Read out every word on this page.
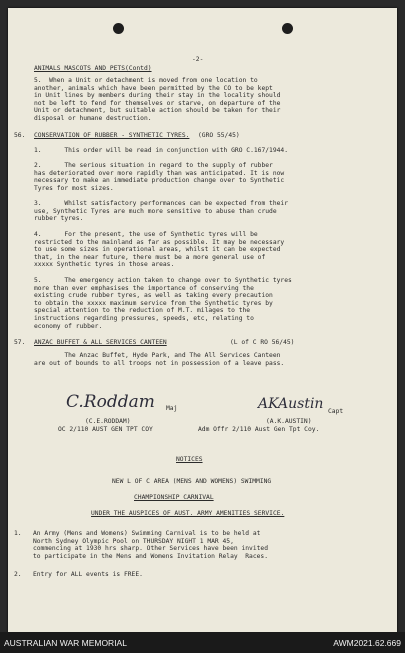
-2-
ANIMALS MASCOTS AND PETS(Contd)
5.  When a Unit or detachment is moved from one location to
another, animals which have been permitted by the CO to be kept
in Unit lines by members during their stay in the locality should
not be left to fend for themselves or starve, on departure of the
Unit or detachment, but suitable action should be taken for their
disposal or humane destruction.
56. CONSERVATION OF RUBBER - SYNTHETIC TYRES. (GRO 55/45)
1.      This order will be read in conjunction with GRO C.167/1944.
2.      The serious situation in regard to the supply of rubber
has deteriorated over more rapidly than was anticipated. It is now
necessary to make an immediate production change over to Synthetic
Tyres for most sizes.
3.      Whilst satisfactory performances can be expected from their
use, Synthetic Tyres are much more sensitive to abuse than crude
rubber tyres.
4.      For the present, the use of Synthetic tyres will be
restricted to the mainland as far as possible. It may be necessary
to use some sizes in operational areas, whilst it can be expected
that, in the near future, there must be a more general use of
xxxxx Synthetic tyres in those areas.
5.      The emergency action taken to change over to Synthetic tyres
more than ever emphasises the importance of conserving the
existing crude rubber tyres, as well as taking every precaution
to obtain the xxxxx maximum service from the Synthetic tyres by
special attention to the reduction of M.T. milages to the
instructions regarding pressures, speeds, etc, relating to
economy of rubber.
57. ANZAC BUFFET & ALL SERVICES CANTEEN	(L of C RO 56/45)
The Anzac Buffet, Hyde Park, and The All Services Canteen
are out of bounds to all troops not in possession of a leave pass.
C.Roddam Maj
(C.E.RODDAM)
OC 2/110 AUST GEN TPT COY
AKAustin Capt
(A.K.AUSTIN)
Adm Offr 2/110 Aust Gen Tpt Coy.
NOTICES
NEW L OF C AREA (MENS AND WOMENS) SWIMMING
CHAMPIONSHIP CARNIVAL
UNDER THE AUSPICES OF AUST. ARMY AMENITIES SERVICE.
1.   An Army (Mens and Womens) Swimming Carnival is to be held at
North Sydney Olympic Pool on THURSDAY NIGHT 1 MAR 45,
commencing at 1930 hrs sharp. Other Services have been invited
to participate in the Mens and Womens Invitation Relay  Races.
2.   Entry for ALL events is FREE.
AUSTRALIAN WAR MEMORIAL	AWM2021.62.669
